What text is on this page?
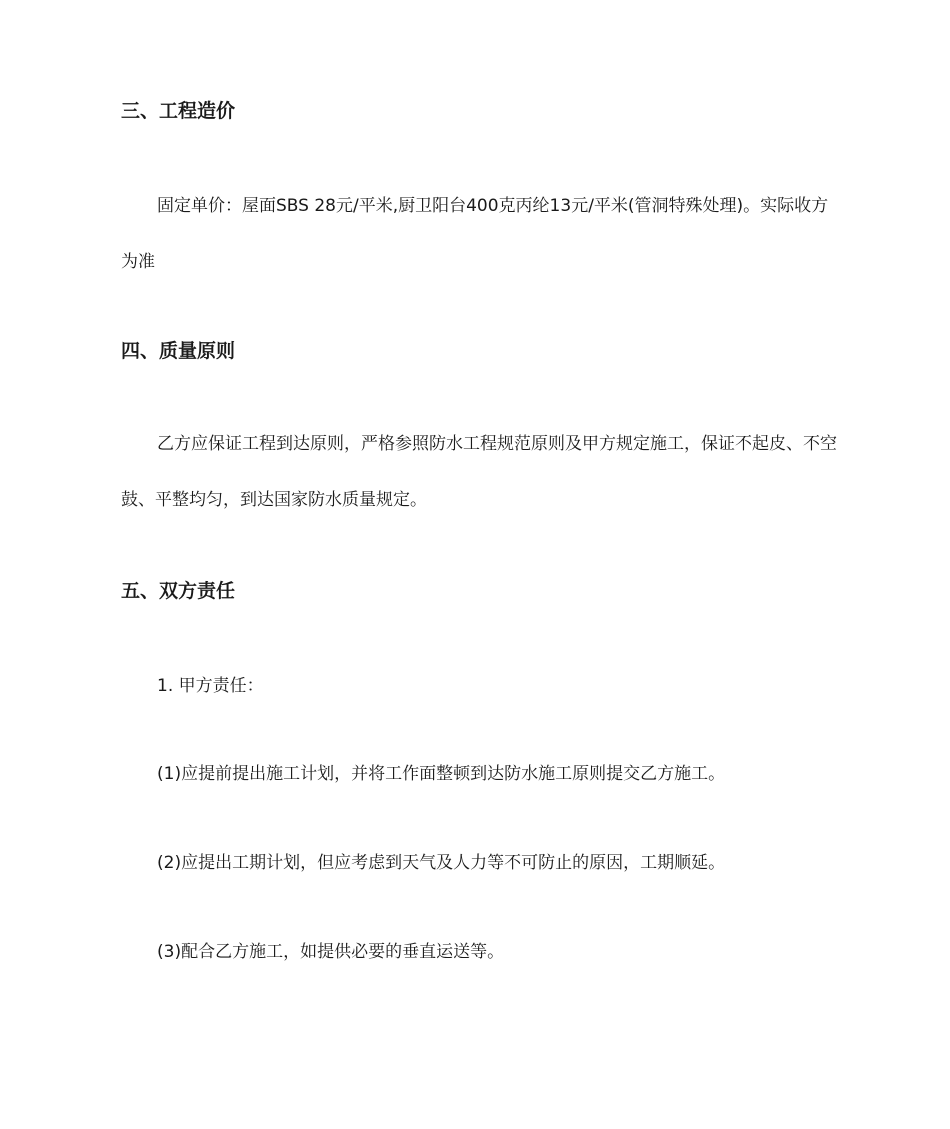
三、工程造价

固定单价：屋面SBS 28元/平米,厨卫阳台400克丙纶13元/平米(管洞特殊处理)。实际收方为准

四、质量原则

乙方应保证工程到达原则，严格参照防水工程规范原则及甲方规定施工，保证不起皮、不空鼓、平整均匀，到达国家防水质量规定。

五、双方责任

1. 甲方责任：

(1)应提前提出施工计划，并将工作面整顿到达防水施工原则提交乙方施工。

(2)应提出工期计划，但应考虑到天气及人力等不可防止的原因，工期顺延。

(3)配合乙方施工，如提供必要的垂直运送等。
